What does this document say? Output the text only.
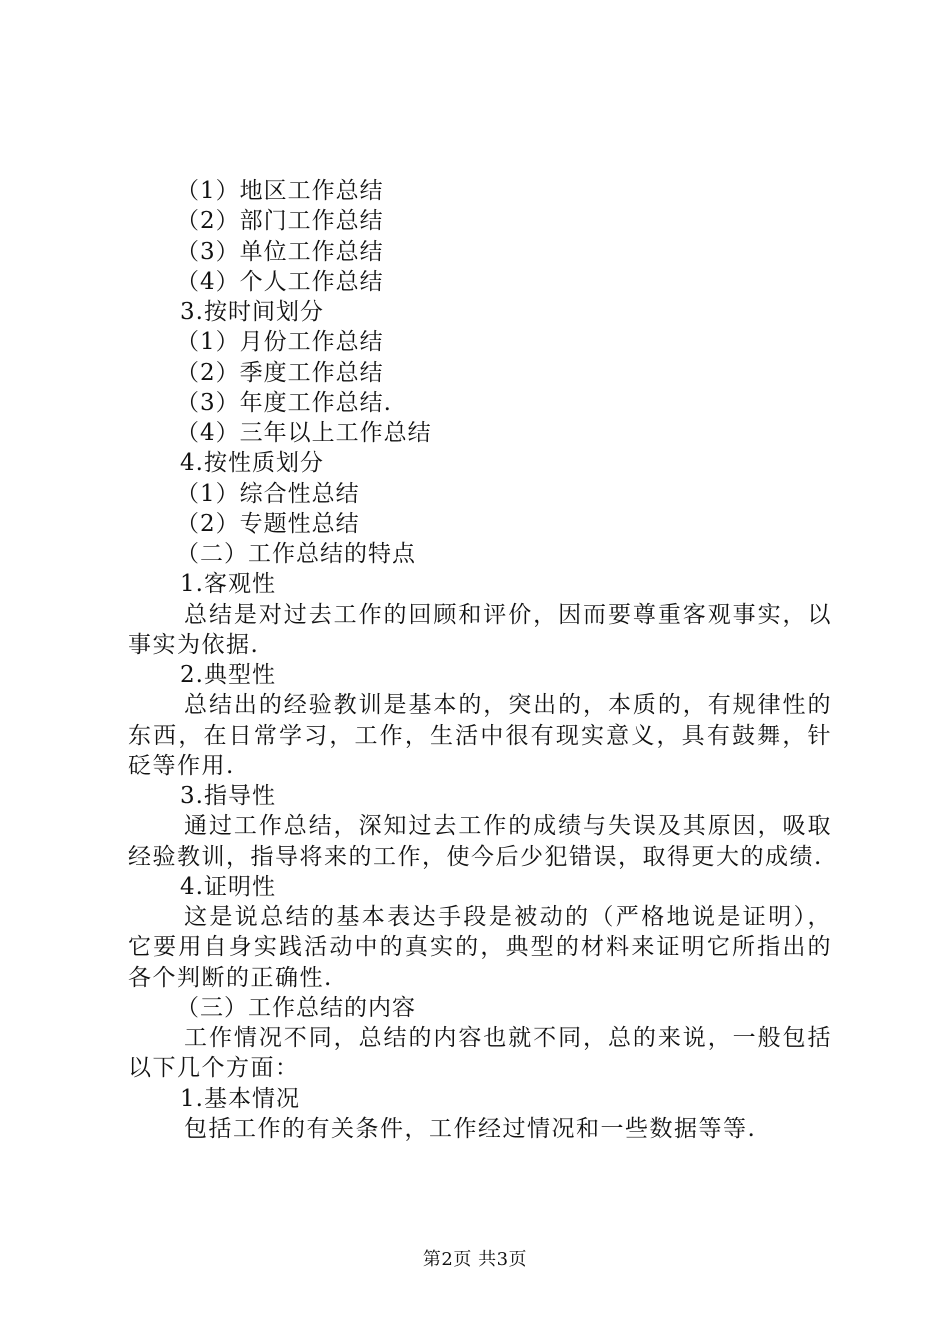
（1）地区工作总结
（2）部门工作总结
（3）单位工作总结
（4）个人工作总结
3.按时间划分
（1）月份工作总结
（2）季度工作总结
（3）年度工作总结.
（4）三年以上工作总结
4.按性质划分
（1）综合性总结
（2）专题性总结
（二）工作总结的特点
1.客观性
总结是对过去工作的回顾和评价，因而要尊重客观事实，以事实为依据.
2.典型性
总结出的经验教训是基本的，突出的，本质的，有规律性的东西，在日常学习，工作，生活中很有现实意义，具有鼓舞，针砭等作用.
3.指导性
通过工作总结，深知过去工作的成绩与失误及其原因，吸取经验教训，指导将来的工作，使今后少犯错误，取得更大的成绩.
4.证明性
这是说总结的基本表达手段是被动的（严格地说是证明），它要用自身实践活动中的真实的，典型的材料来证明它所指出的各个判断的正确性.
（三）工作总结的内容
工作情况不同，总结的内容也就不同，总的来说，一般包括以下几个方面：
1.基本情况
包括工作的有关条件，工作经过情况和一些数据等等.
第2页 共3页
